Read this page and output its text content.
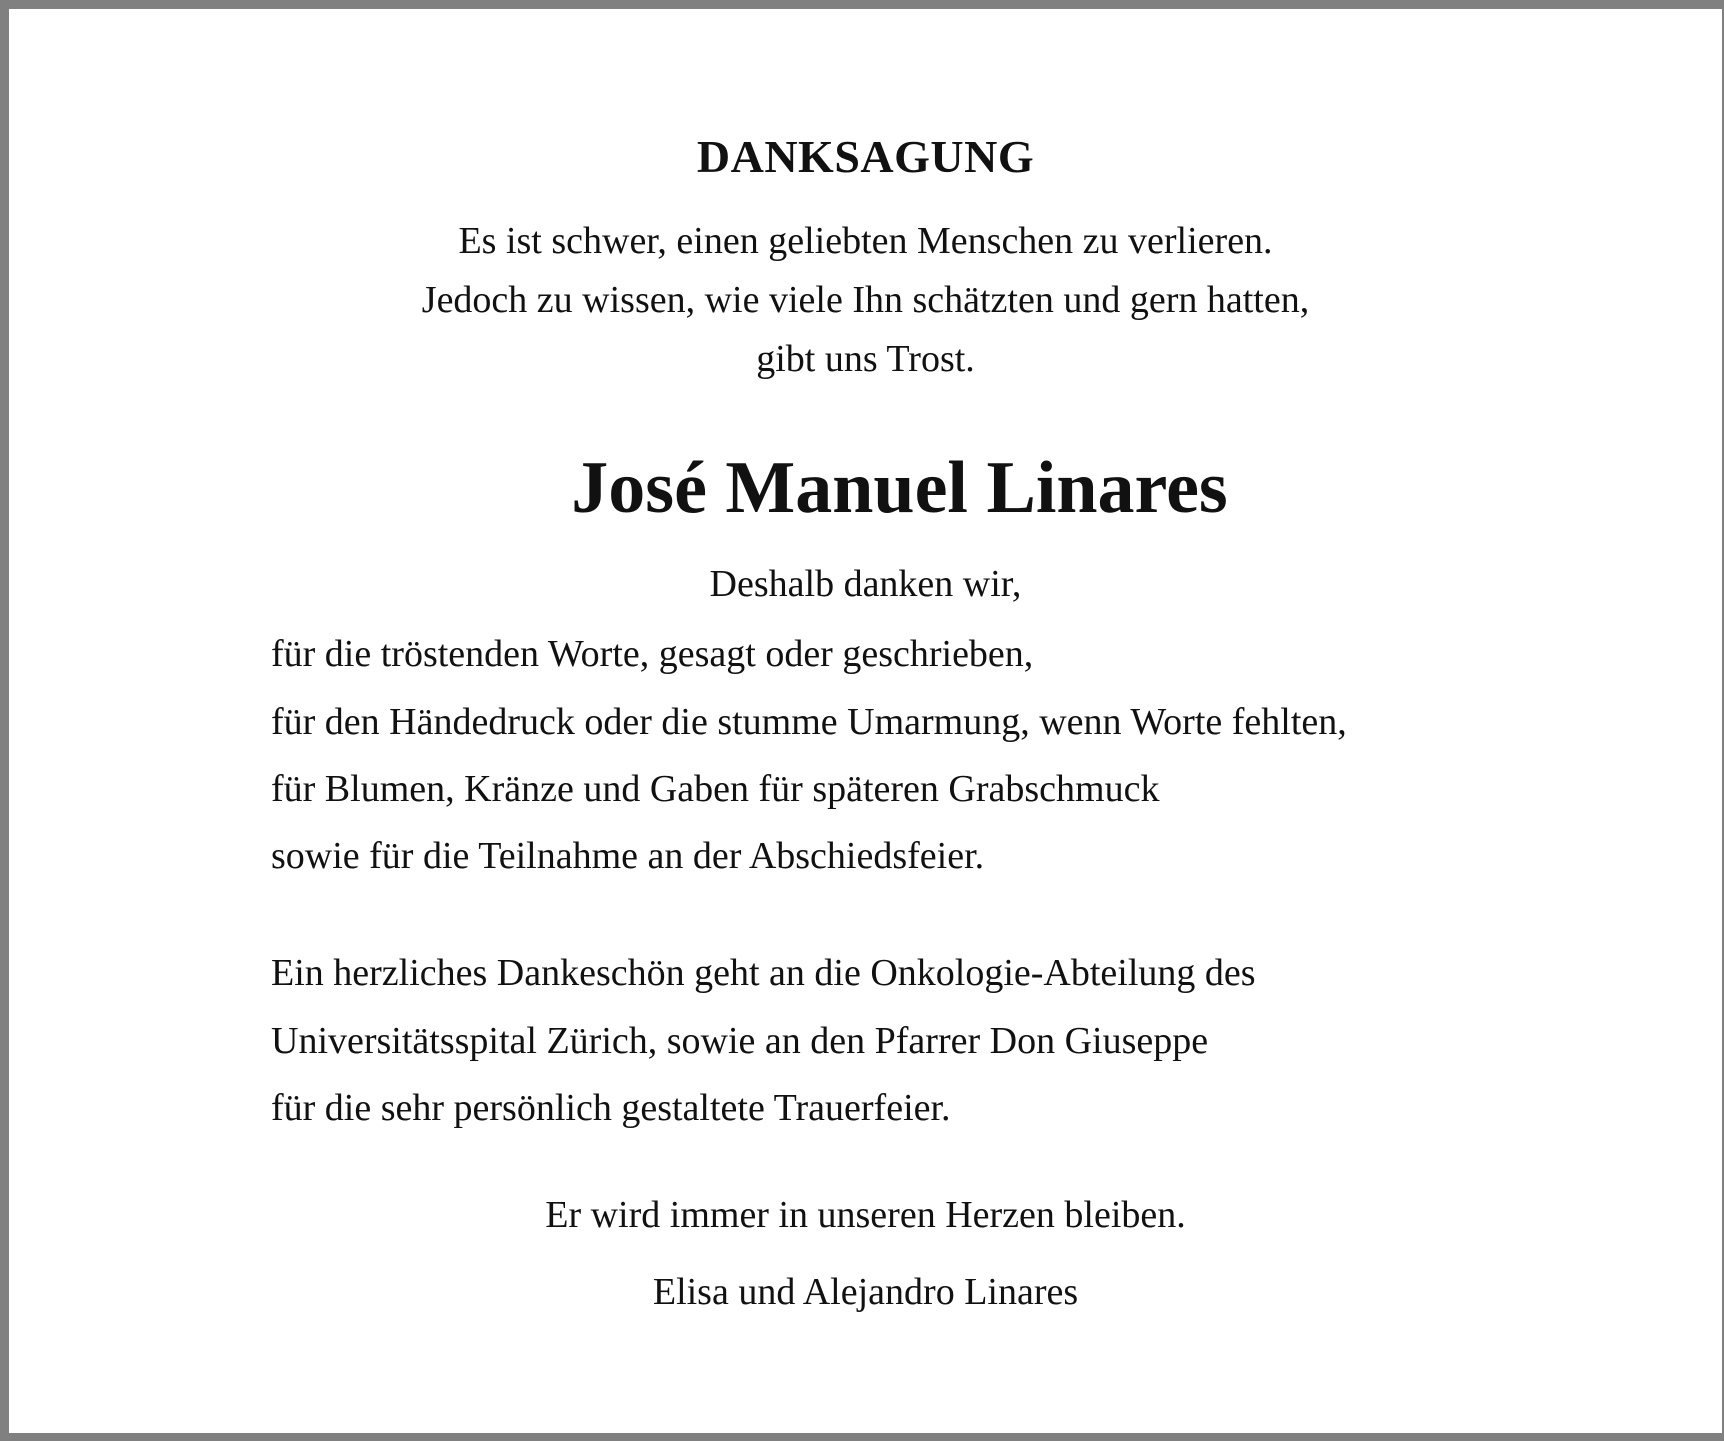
DANKSAGUNG
Es ist schwer, einen geliebten Menschen zu verlieren.
Jedoch zu wissen, wie viele Ihn schätzten und gern hatten,
gibt uns Trost.
José Manuel Linares
Deshalb danken wir,
für die tröstenden Worte, gesagt oder geschrieben,
für den Händedruck oder die stumme Umarmung, wenn Worte fehlten,
für Blumen, Kränze und Gaben für späteren Grabschmuck
sowie für die Teilnahme an der Abschiedsfeier.
Ein herzliches Dankeschön geht an die Onkologie-Abteilung des
Universitätsspital Zürich, sowie an den Pfarrer Don Giuseppe
für die sehr persönlich gestaltete Trauerfeier.
Er wird immer in unseren Herzen bleiben.
Elisa und Alejandro Linares
